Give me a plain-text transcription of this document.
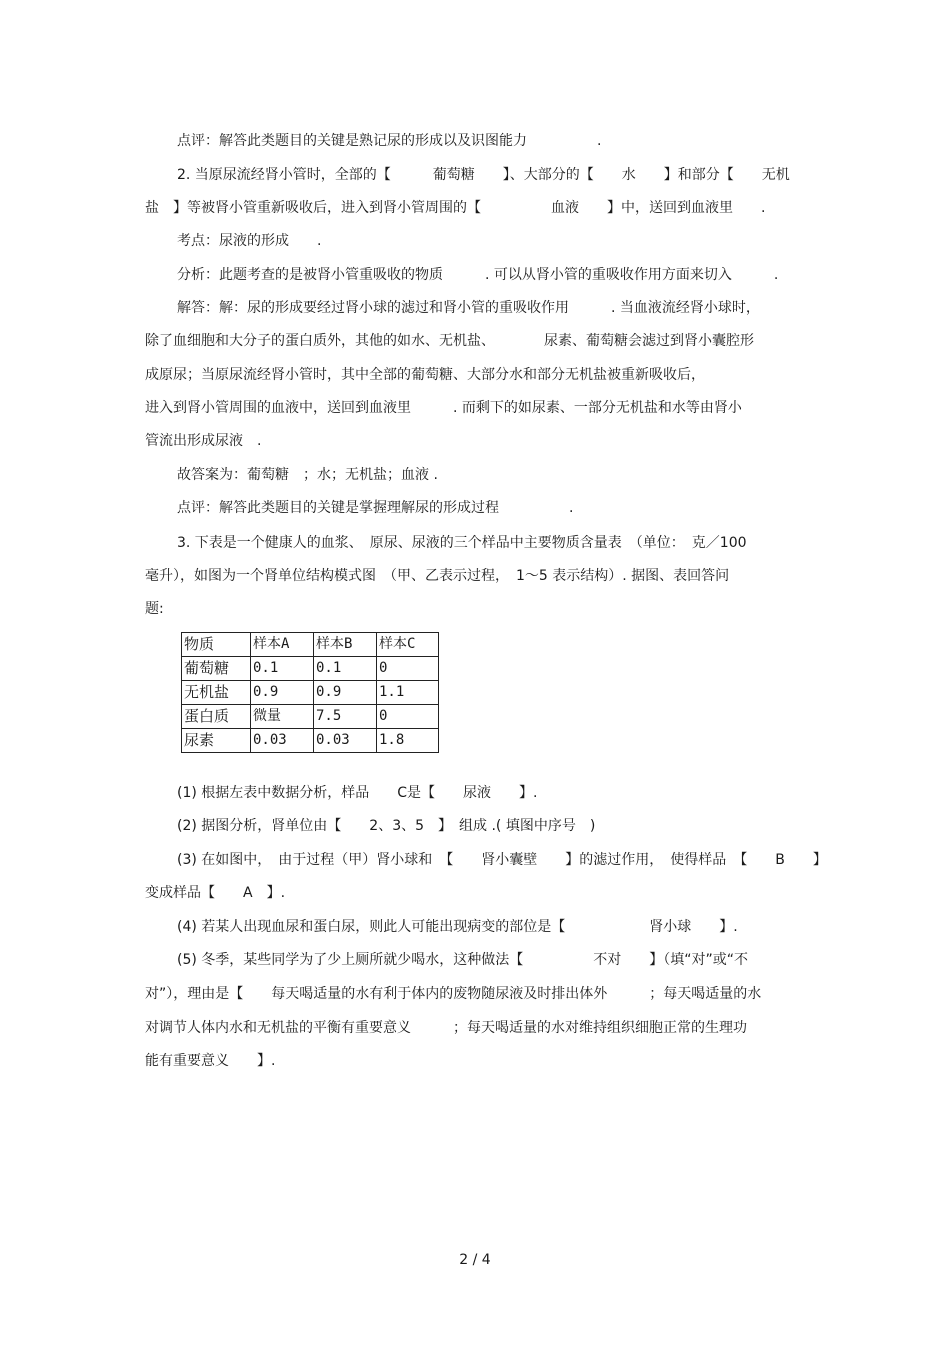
点评：解答此类题目的关键是熟记尿的形成以及识图能力　　　　　.
2. 当原尿流经肾小管时，全部的【　　　葡萄糖　　】、大部分的【　　水　　】和部分【　　无机
盐　】等被肾小管重新吸收后，进入到肾小管周围的【　　　　　血液　　】中，送回到血液里　　.
考点：尿液的形成　　.
分析：此题考查的是被肾小管重吸收的物质　　　. 可以从肾小管的重吸收作用方面来切入　　　.
解答：解：尿的形成要经过肾小球的滤过和肾小管的重吸收作用　　　. 当血液流经肾小球时，
除了血细胞和大分子的蛋白质外，其他的如水、无机盐、　　　　尿素、葡萄糖会滤过到肾小囊腔形
成原尿；当原尿流经肾小管时，其中全部的葡萄糖、大部分水和部分无机盐被重新吸收后，
进入到肾小管周围的血液中，送回到血液里　　　. 而剩下的如尿素、一部分无机盐和水等由肾小
管流出形成尿液　.
故答案为：葡萄糖　；水；无机盐；血液 .
点评：解答此类题目的关键是掌握理解尿的形成过程　　　　　.
3. 下表是一个健康人的血浆、　原尿、尿液的三个样品中主要物质含量表　（单位：　克／100
毫升），如图为一个肾单位结构模式图　（甲、乙表示过程，　1～5 表示结构）. 据图、表回答问
题:
物质	样本A	样本B	样本C
葡萄糖	0.1	0.1	0
无机盐	0.9	0.9	1.1
蛋白质	微量	7.5	0
尿素	0.03	0.03	1.8
(1) 根据左表中数据分析，样品　　C是【　　尿液　　】.
(2) 据图分析，肾单位由【　　2、3、5　】　组成 .( 填图中序号　)
(3) 在如图中，　由于过程（甲）肾小球和　【　　肾小囊壁　　】的滤过作用，　使得样品　【　　B　　】
变成样品【　　A　】.
(4) 若某人出现血尿和蛋白尿，则此人可能出现病变的部位是【　　　　　　肾小球　　】.
(5) 冬季，某些同学为了少上厕所就少喝水，这种做法【　　　　　不对　　】（填“对”或“不
对”），理由是【　　每天喝适量的水有利于体内的废物随尿液及时排出体外　　　；每天喝适量的水
对调节人体内水和无机盐的平衡有重要意义　　　；每天喝适量的水对维持组织细胞正常的生理功
能有重要意义　　】.
2 / 4
